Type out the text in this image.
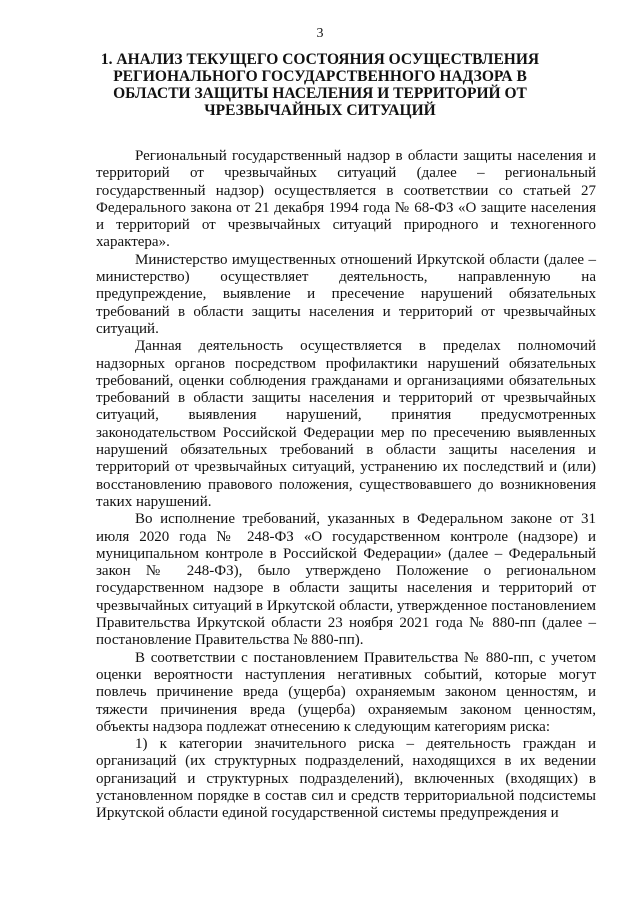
3
1. АНАЛИЗ ТЕКУЩЕГО СОСТОЯНИЯ ОСУЩЕСТВЛЕНИЯ РЕГИОНАЛЬНОГО ГОСУДАРСТВЕННОГО НАДЗОРА В ОБЛАСТИ ЗАЩИТЫ НАСЕЛЕНИЯ И ТЕРРИТОРИЙ ОТ ЧРЕЗВЫЧАЙНЫХ СИТУАЦИЙ

Региональный государственный надзор в области защиты населения и территорий от чрезвычайных ситуаций (далее – региональный государственный надзор) осуществляется в соответствии со статьей 27 Федерального закона от 21 декабря 1994 года № 68-ФЗ «О защите населения и территорий от чрезвычайных ситуаций природного и техногенного характера».

Министерство имущественных отношений Иркутской области (далее – министерство) осуществляет деятельность, направленную на предупреждение, выявление и пресечение нарушений обязательных требований в области защиты населения и территорий от чрезвычайных ситуаций.

Данная деятельность осуществляется в пределах полномочий надзорных органов посредством профилактики нарушений обязательных требований, оценки соблюдения гражданами и организациями обязательных требований в области защиты населения и территорий от чрезвычайных ситуаций, выявления нарушений, принятия предусмотренных законодательством Российской Федерации мер по пресечению выявленных нарушений обязательных требований в области защиты населения и территорий от чрезвычайных ситуаций, устранению их последствий и (или) восстановлению правового положения, существовавшего до возникновения таких нарушений.

Во исполнение требований, указанных в Федеральном законе от 31 июля 2020 года № 248-ФЗ «О государственном контроле (надзоре) и муниципальном контроле в Российской Федерации» (далее – Федеральный закон № 248-ФЗ), было утверждено Положение о региональном государственном надзоре в области защиты населения и территорий от чрезвычайных ситуаций в Иркутской области, утвержденное постановлением Правительства Иркутской области 23 ноября 2021 года № 880-пп (далее – постановление Правительства № 880-пп).

В соответствии с постановлением Правительства № 880-пп, с учетом оценки вероятности наступления негативных событий, которые могут повлечь причинение вреда (ущерба) охраняемым законом ценностям, и тяжести причинения вреда (ущерба) охраняемым законом ценностям, объекты надзора подлежат отнесению к следующим категориям риска:

1) к категории значительного риска – деятельность граждан и организаций (их структурных подразделений, находящихся в их ведении организаций и структурных подразделений), включенных (входящих) в установленном порядке в состав сил и средств территориальной подсистемы Иркутской области единой государственной системы предупреждения и
